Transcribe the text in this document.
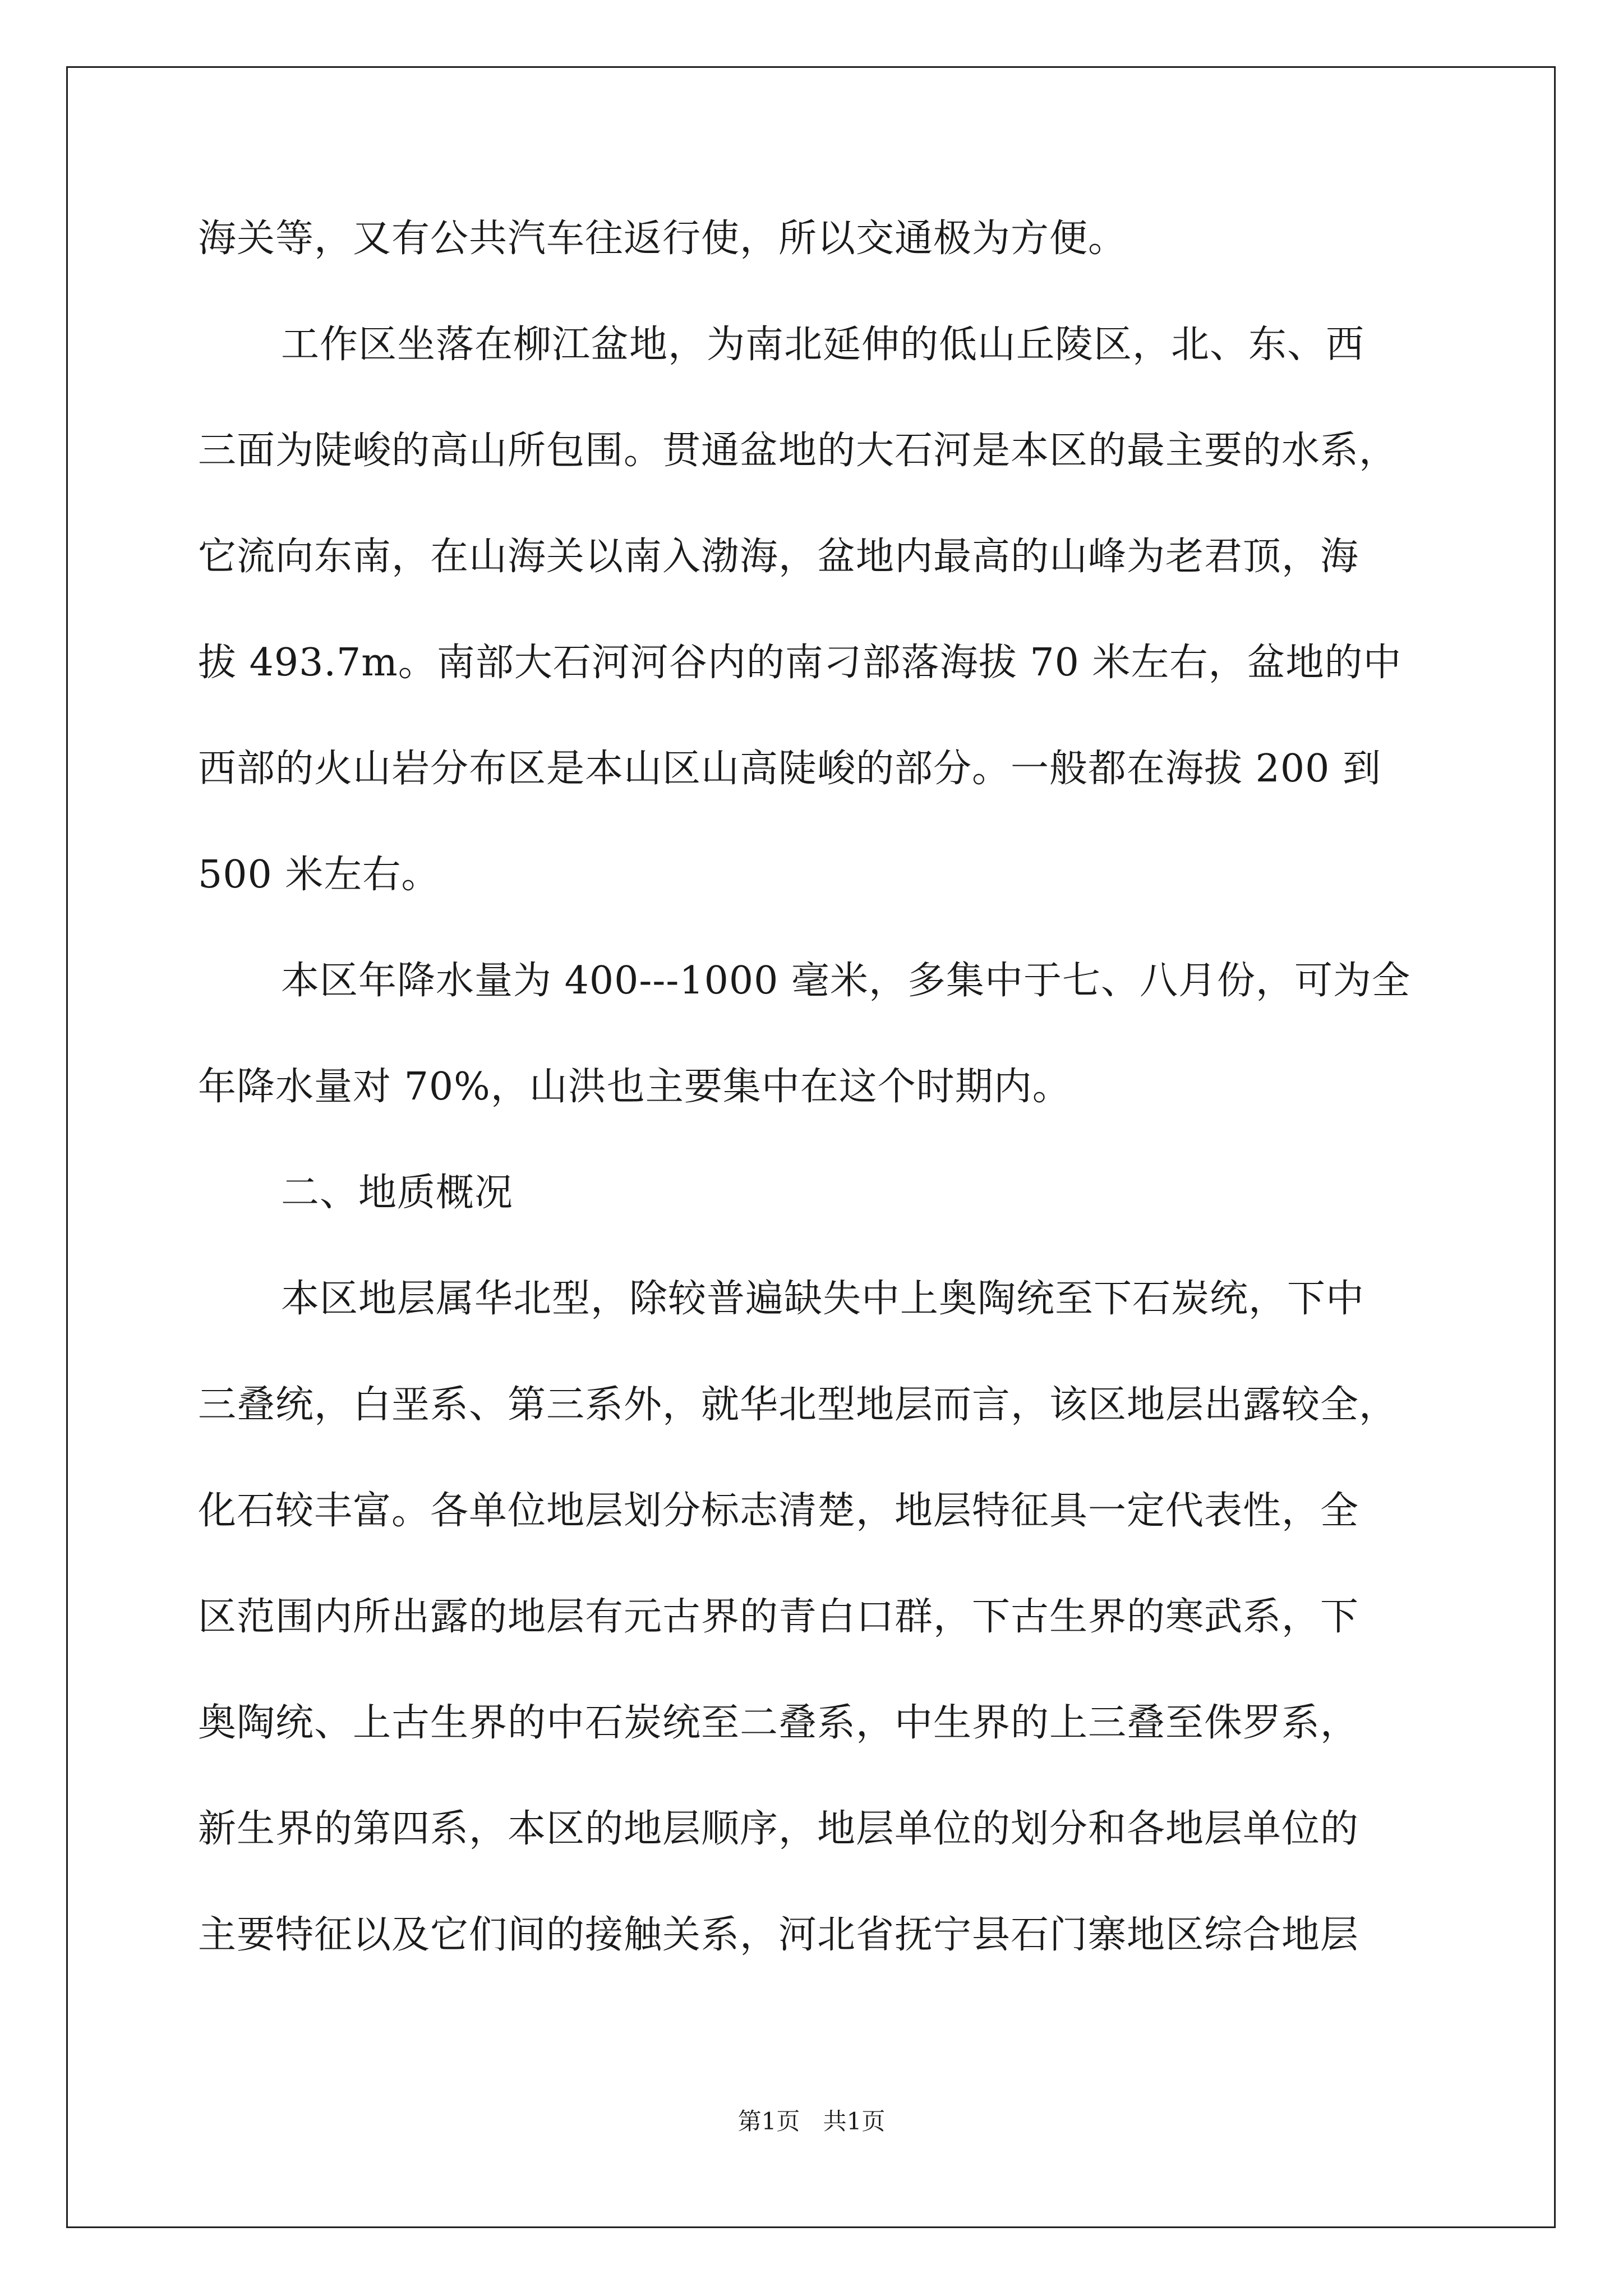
海关等，又有公共汽车往返行使，所以交通极为方便。
工作区坐落在柳江盆地，为南北延伸的低山丘陵区，北、东、西
三面为陡峻的高山所包围。贯通盆地的大石河是本区的最主要的水系，
它流向东南，在山海关以南入渤海，盆地内最高的山峰为老君顶，海
拔 493.7m。南部大石河河谷内的南刁部落海拔 70 米左右，盆地的中
西部的火山岩分布区是本山区山高陡峻的部分。一般都在海拔 200 到
500 米左右。
本区年降水量为 400---1000 毫米，多集中于七、八月份，可为全
年降水量对 70%，山洪也主要集中在这个时期内。
二、地质概况
本区地层属华北型，除较普遍缺失中上奥陶统至下石炭统，下中
三叠统，白垩系、第三系外，就华北型地层而言，该区地层出露较全，
化石较丰富。各单位地层划分标志清楚，地层特征具一定代表性，全
区范围内所出露的地层有元古界的青白口群，下古生界的寒武系，下
奥陶统、上古生界的中石炭统至二叠系，中生界的上三叠至侏罗系，
新生界的第四系，本区的地层顺序，地层单位的划分和各地层单位的
主要特征以及它们间的接触关系，河北省抚宁县石门寨地区综合地层
第1页 共1页
